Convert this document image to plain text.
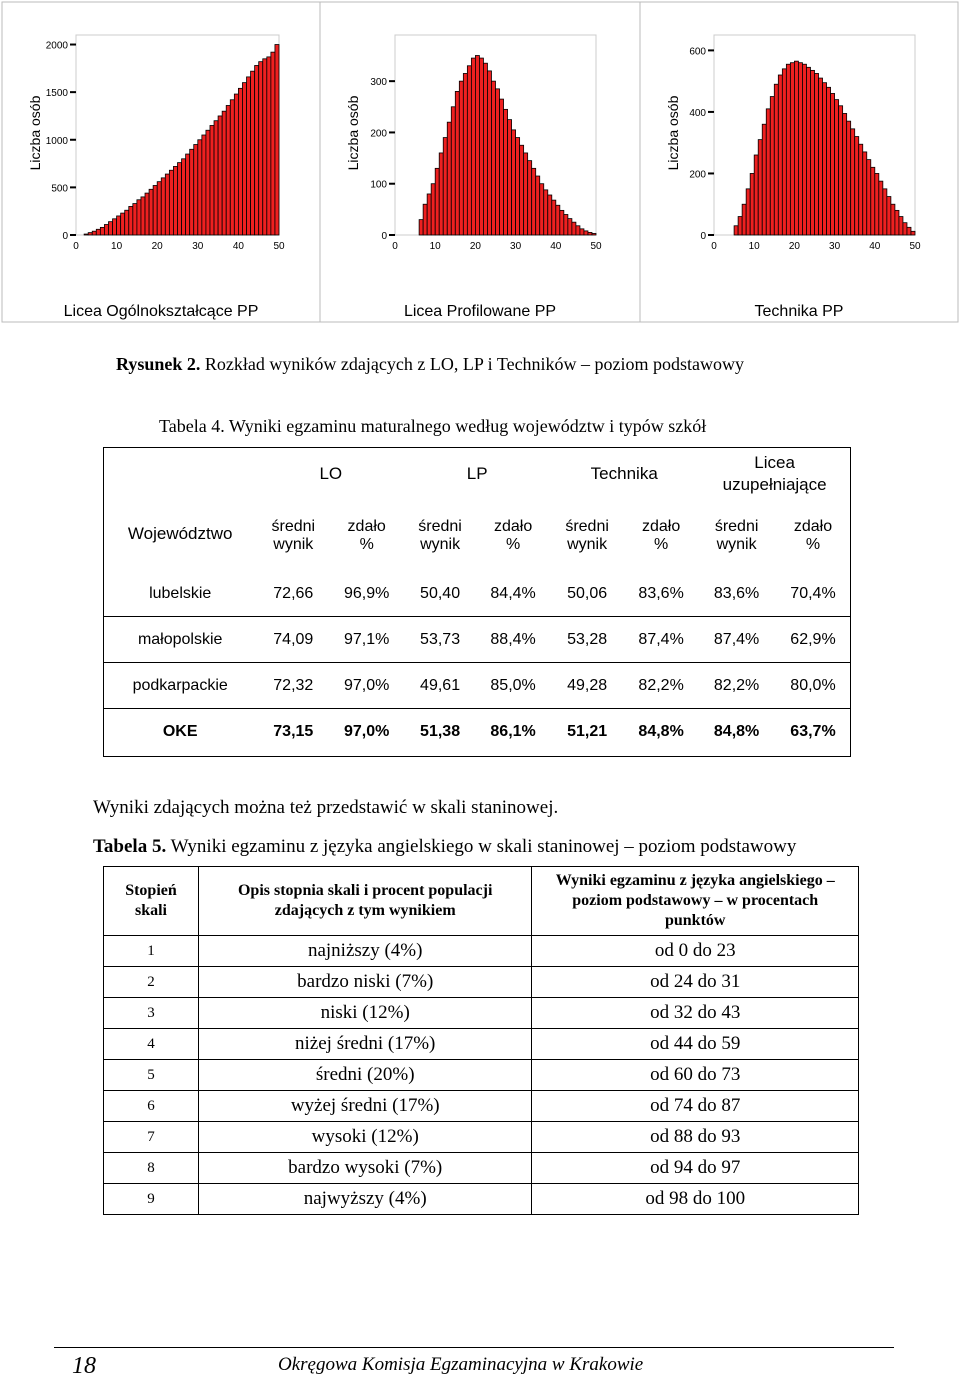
0
500
1000
1500
2000
0	10	20	30	40	50
Liczba osób
Licea Ogólnokształcące PP
0
100
200
300
0	10	20	30	40	50
Liczba osób
Licea Profilowane PP
0
200
400
600
0	10	20	30	40	50
Liczba osób
Technika PP
Rysunek 2. Rozkład wyników zdających z LO, LP i Techników – poziom podstawowy
Tabela 4. Wyniki egzaminu maturalnego według województw i typów szkół
Województwo	LO		LP		Technika		Licea uzupełniające	
	średni wynik	zdało %	średni wynik	zdało %	średni wynik	zdało %	średni wynik	zdało %
lubelskie	72,66	96,9%	50,40	84,4%	50,06	83,6%	83,6%	70,4%
małopolskie	74,09	97,1%	53,73	88,4%	53,28	87,4%	87,4%	62,9%
podkarpackie	72,32	97,0%	49,61	85,0%	49,28	82,2%	82,2%	80,0%
OKE	73,15	97,0%	51,38	86,1%	51,21	84,8%	84,8%	63,7%
Wyniki zdających można też przedstawić w skali staninowej.
Tabela 5. Wyniki egzaminu z języka angielskiego w skali staninowej – poziom podstawowy
Stopień skali	Opis stopnia skali i procent populacji zdających z tym wynikiem	Wyniki egzaminu z języka angielskiego – poziom podstawowy – w procentach punktów
1	najniższy (4%)	od 0 do 23
2	bardzo niski (7%)	od 24 do 31
3	niski (12%)	od 32 do 43
4	niżej średni (17%)	od 44 do 59
5	średni (20%)	od 60 do 73
6	wyżej średni (17%)	od 74 do 87
7	wysoki (12%)	od 88 do 93
8	bardzo wysoki (7%)	od 94 do 97
9	najwyższy (4%)	od 98 do 100
18	Okręgowa Komisja Egzaminacyjna w Krakowie
